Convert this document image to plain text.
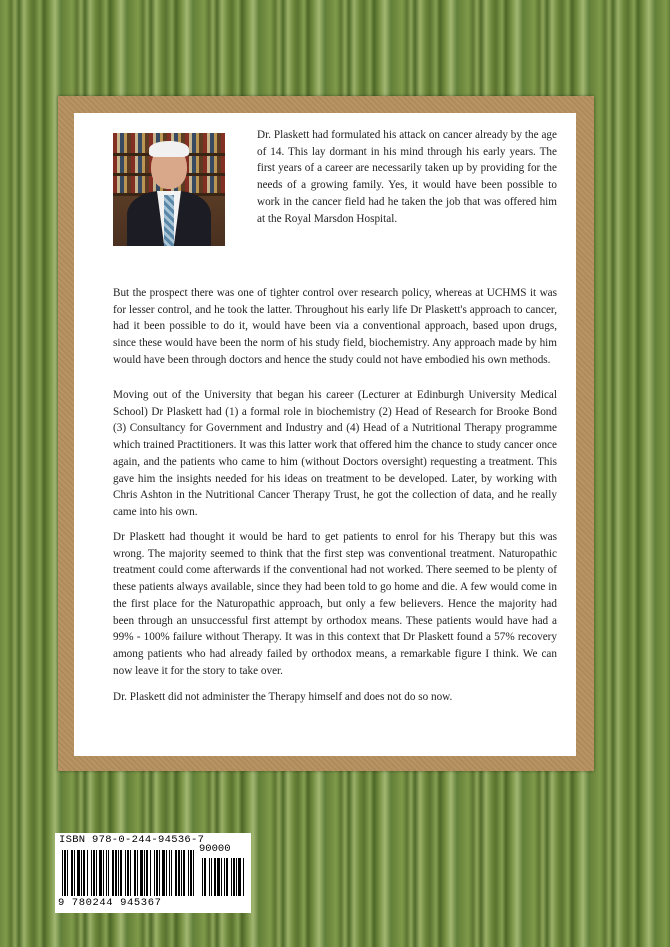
Dr. Plaskett had formulated his attack on cancer already by the age of 14. This lay dormant in his mind through his early years. The first years of a career are necessarily taken up by providing for the needs of a growing family. Yes, it would have been possible to work in the cancer field had he taken the job that was offered him at the Royal Marsdon Hospital.

But the prospect there was one of tighter control over research policy, whereas at UCHMS it was for lesser control, and he took the latter. Throughout his early life Dr Plaskett's approach to cancer, had it been possible to do it, would have been via a conventional approach, based upon drugs, since these would have been the norm of his study field, biochemistry. Any approach made by him would have been through doctors and hence the study could not have embodied his own methods.

Moving out of the University that began his career (Lecturer at Edinburgh University Medical School) Dr Plaskett had (1) a formal role in biochemistry (2) Head of Research for Brooke Bond (3) Consultancy for Government and Industry and (4) Head of a Nutritional Therapy programme which trained Practitioners. It was this latter work that offered him the chance to study cancer once again, and the patients who came to him (without Doctors oversight) requesting a treatment. This gave him the insights needed for his ideas on treatment to be developed. Later, by working with Chris Ashton in the Nutritional Cancer Therapy Trust, he got the collection of data, and he really came into his own.

Dr Plaskett had thought it would be hard to get patients to enrol for his Therapy but this was wrong. The majority seemed to think that the first step was conventional treatment. Naturopathic treatment could come afterwards if the conventional had not worked. There seemed to be plenty of these patients always available, since they had been told to go home and die. A few would come in the first place for the Naturopathic approach, but only a few believers. Hence the majority had been through an unsuccessful first attempt by orthodox means. These patients would have had a 99% - 100% failure without Therapy. It was in this context that Dr Plaskett found a 57% recovery among patients who had already failed by orthodox means, a remarkable figure I think. We can now leave it for the story to take over.

Dr. Plaskett did not administer the Therapy himself and does not do so now.

ISBN 978-0-244-94536-7
90000
9 780244 945367
